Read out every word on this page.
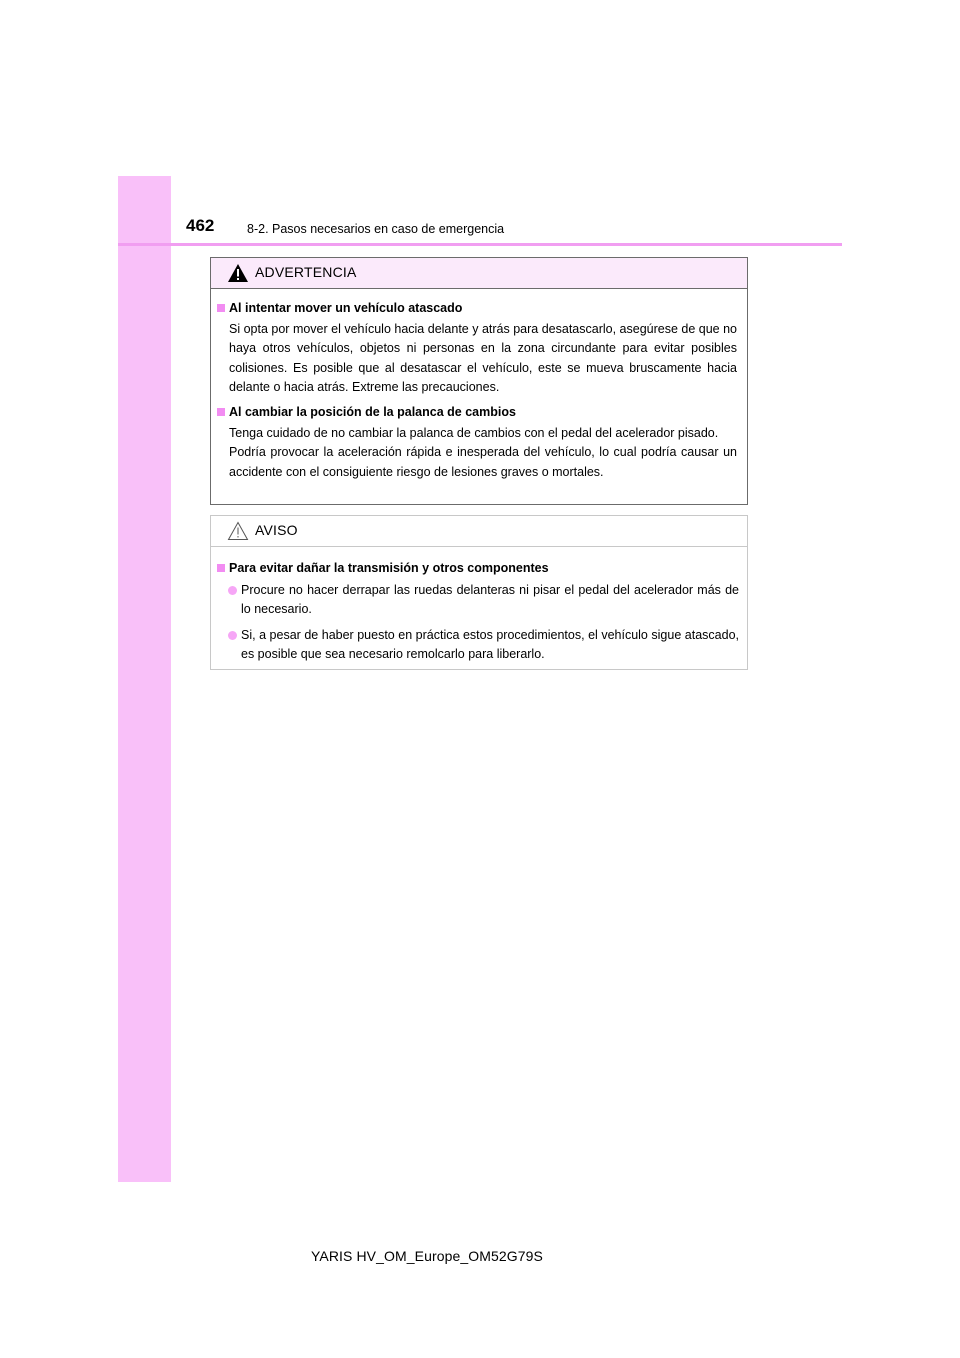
462	8-2. Pasos necesarios en caso de emergencia
ADVERTENCIA
Al intentar mover un vehículo atascado
Si opta por mover el vehículo hacia delante y atrás para desatascarlo, asegúrese de que no haya otros vehículos, objetos ni personas en la zona circundante para evitar posibles colisiones. Es posible que al desatascar el vehículo, este se mueva bruscamente hacia delante o hacia atrás. Extreme las precauciones.
Al cambiar la posición de la palanca de cambios
Tenga cuidado de no cambiar la palanca de cambios con el pedal del acelerador pisado.
Podría provocar la aceleración rápida e inesperada del vehículo, lo cual podría causar un accidente con el consiguiente riesgo de lesiones graves o mortales.
AVISO
Para evitar dañar la transmisión y otros componentes
Procure no hacer derrapar las ruedas delanteras ni pisar el pedal del acelerador más de lo necesario.
Si, a pesar de haber puesto en práctica estos procedimientos, el vehículo sigue atascado, es posible que sea necesario remolcarlo para liberarlo.
YARIS HV_OM_Europe_OM52G79S
